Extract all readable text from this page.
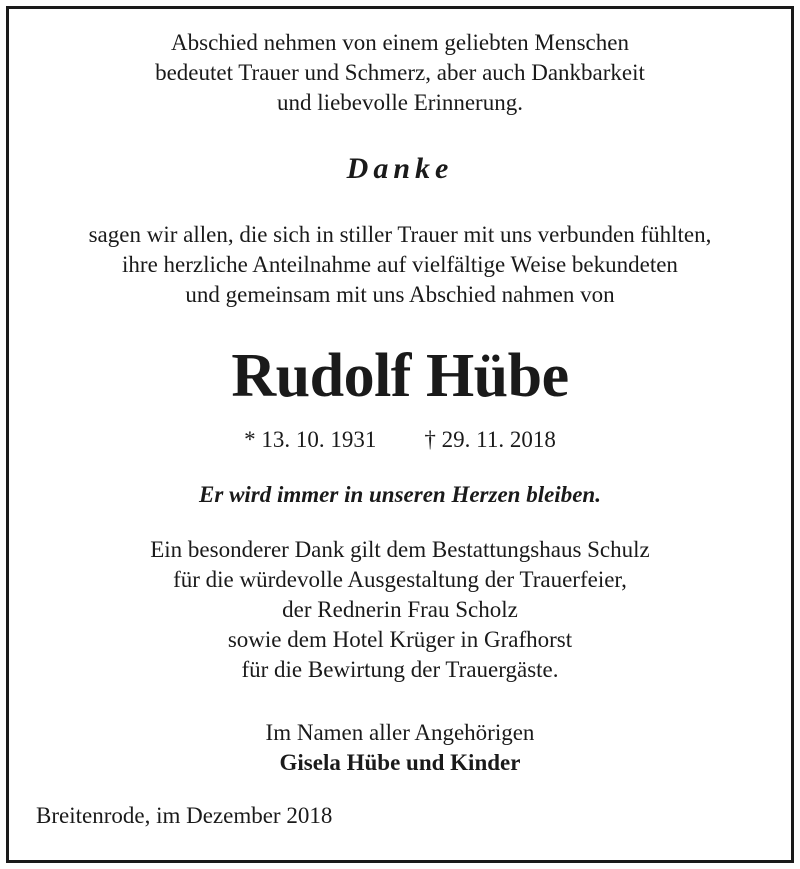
Abschied nehmen von einem geliebten Menschen
bedeutet Trauer und Schmerz, aber auch Dankbarkeit
und liebevolle Erinnerung.
Danke
sagen wir allen, die sich in stiller Trauer mit uns verbunden fühlten,
ihre herzliche Anteilnahme auf vielfältige Weise bekundeten
und gemeinsam mit uns Abschied nahmen von
Rudolf Hübe
* 13. 10. 1931 † 29. 11. 2018
Er wird immer in unseren Herzen bleiben.
Ein besonderer Dank gilt dem Bestattungshaus Schulz
für die würdevolle Ausgestaltung der Trauerfeier,
der Rednerin Frau Scholz
sowie dem Hotel Krüger in Grafhorst
für die Bewirtung der Trauergäste.
Im Namen aller Angehörigen
Gisela Hübe und Kinder
Breitenrode, im Dezember 2018
